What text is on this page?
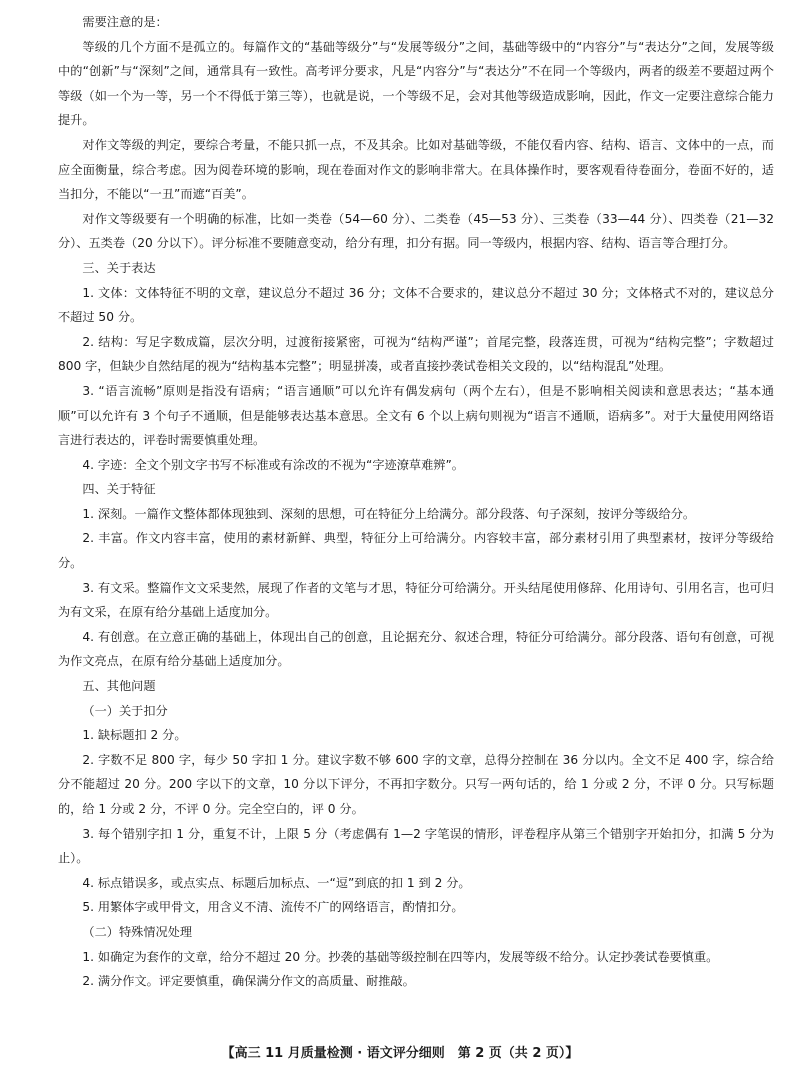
需要注意的是：

等级的几个方面不是孤立的。每篇作文的“基础等级分”与“发展等级分”之间，基础等级中的“内容分”与“表达分”之间，发展等级中的“创新”与“深刻”之间，通常具有一致性。高考评分要求，凡是“内容分”与“表达分”不在同一个等级内，两者的级差不要超过两个等级（如一个为一等，另一个不得低于第三等），也就是说，一个等级不足，会对其他等级造成影响，因此，作文一定要注意综合能力提升。

对作文等级的判定，要综合考量，不能只抓一点，不及其余。比如对基础等级，不能仅看内容、结构、语言、文体中的一点，而应全面衡量，综合考虑。因为阅卷环境的影响，现在卷面对作文的影响非常大。在具体操作时，要客观看待卷面分，卷面不好的，适当扣分，不能以“一丑”而遮“百美”。

对作文等级要有一个明确的标准，比如一类卷（54—60 分）、二类卷（45—53 分）、三类卷（33—44 分）、四类卷（21—32 分）、五类卷（20 分以下）。评分标准不要随意变动，给分有理，扣分有据。同一等级内，根据内容、结构、语言等合理打分。

三、关于表达

1. 文体：文体特征不明的文章，建议总分不超过 36 分；文体不合要求的，建议总分不超过 30 分；文体格式不对的，建议总分不超过 50 分。

2. 结构：写足字数成篇，层次分明，过渡衔接紧密，可视为“结构严谨”；首尾完整，段落连贯，可视为“结构完整”；字数超过 800 字，但缺少自然结尾的视为“结构基本完整”；明显拼凑，或者直接抄袭试卷相关文段的，以“结构混乱”处理。

3. “语言流畅”原则是指没有语病；“语言通顺”可以允许有偶发病句（两个左右），但是不影响相关阅读和意思表达；“基本通顺”可以允许有 3 个句子不通顺，但是能够表达基本意思。全文有 6 个以上病句则视为“语言不通顺，语病多”。对于大量使用网络语言进行表达的，评卷时需要慎重处理。

4. 字迹：全文个别文字书写不标准或有涂改的不视为“字迹潦草难辨”。

四、关于特征

1. 深刻。一篇作文整体都体现独到、深刻的思想，可在特征分上给满分。部分段落、句子深刻，按评分等级给分。

2. 丰富。作文内容丰富，使用的素材新鲜、典型，特征分上可给满分。内容较丰富，部分素材引用了典型素材，按评分等级给分。

3. 有文采。整篇作文文采斐然，展现了作者的文笔与才思，特征分可给满分。开头结尾使用修辞、化用诗句、引用名言，也可归为有文采，在原有给分基础上适度加分。

4. 有创意。在立意正确的基础上，体现出自己的创意，且论据充分、叙述合理，特征分可给满分。部分段落、语句有创意，可视为作文亮点，在原有给分基础上适度加分。

五、其他问题

（一）关于扣分

1. 缺标题扣 2 分。

2. 字数不足 800 字，每少 50 字扣 1 分。建议字数不够 600 字的文章，总得分控制在 36 分以内。全文不足 400 字，综合给分不能超过 20 分。200 字以下的文章，10 分以下评分，不再扣字数分。只写一两句话的，给 1 分或 2 分，不评 0 分。只写标题的，给 1 分或 2 分，不评 0 分。完全空白的，评 0 分。

3. 每个错别字扣 1 分，重复不计，上限 5 分（考虑偶有 1—2 字笔误的情形，评卷程序从第三个错别字开始扣分，扣满 5 分为止）。

4. 标点错误多，或点实点、标题后加标点、一“逗”到底的扣 1 到 2 分。

5. 用繁体字或甲骨文，用含义不清、流传不广的网络语言，酌情扣分。

（二）特殊情况处理

1. 如确定为套作的文章，给分不超过 20 分。抄袭的基础等级控制在四等内，发展等级不给分。认定抄袭试卷要慎重。

2. 满分作文。评定要慎重，确保满分作文的高质量、耐推敲。

【高三 11 月质量检测 · 语文评分细则　第 2 页（共 2 页）】
